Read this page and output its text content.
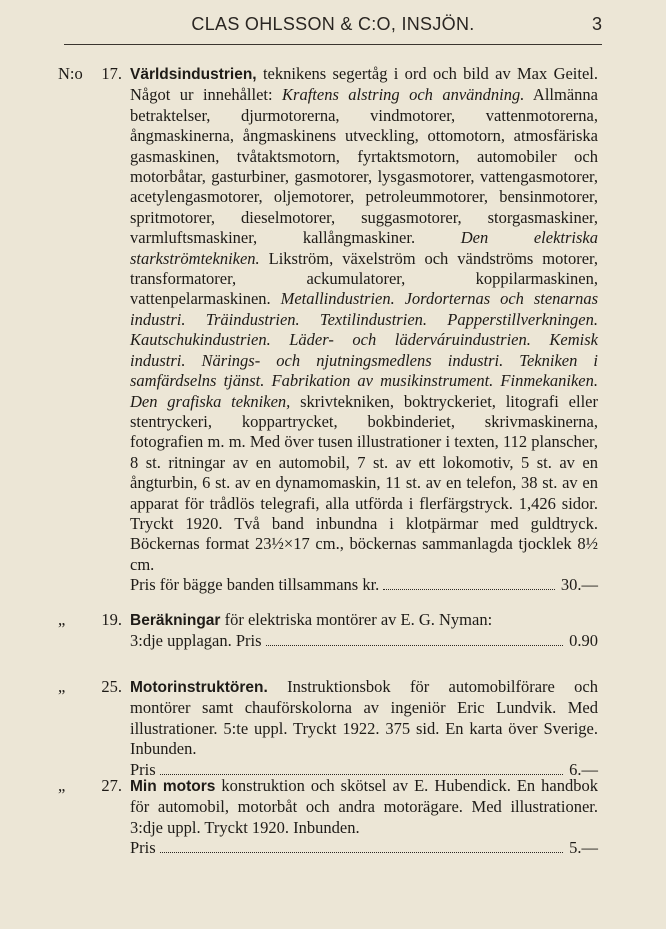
CLAS OHLSSON & C:O, INSJÖN.	3
N:o 17. Världsindustrien, teknikens segertåg i ord och bild av Max Geitel. Något ur innehållet: Kraftens alstring och användning. Allmänna betraktelser, djurmotorerna, vindmotorer, vattenmotorerna, ångmaskinerna, ångmaskinens utveckling, ottomotorn, atmosfäriska gasmaskinen, tvåtaktsmotorn, fyrtaktsmotorn, automobiler och motorbåtar, gasturbiner, gasmotorer, lysgasmotorer, vattengasmotorer, acetylengasmotorer, oljemotorer, petroleummotorer, bensinmotorer, spritmotorer, dieselmotorer, suggasmotorer, storgasmaskiner, varmluftsmaskiner, kallångmaskiner. Den elektriska starkströmtekniken. Likström, växelström och vändströms motorer, transformatorer, ackumulatorer, koppilarmaskinen, vattenpelarmaskinen. Metallindustrien. Jordorternas och stenarnas industri. Träindustrien. Textilindustrien. Papperstillverkningen. Kautschukindustrien. Läder- och läderváruindustrien. Kemisk industri. Närings- och njutningsmedlens industri. Tekniken i samfärdselns tjänst. Fabrikation av musikinstrument. Finmekaniken. Den grafiska tekniken, skrivtekniken, boktryckeriet, litografi eller stentryckeri, koppartrycket, bokbinderiet, skrivmaskinerna, fotografien m. m. Med över tusen illustrationer i texten, 112 planscher, 8 st. ritningar av en automobil, 7 st. av ett lokomotiv, 5 st. av en ångturbin, 6 st. av en dynamomaskin, 11 st. av en telefon, 38 st. av en apparat för trådlös telegrafi, alla utförda i flerfärgstryck. 1,426 sidor. Tryckt 1920. Två band inbundna i klotpärmar med guldtryck. Böckernas format 23½×17 cm., böckernas sammanlagda tjocklek 8½ cm.
Pris för bägge banden tillsammans kr.	30.—
„ 19. Beräkningar för elektriska montörer av E. G. Nyman:
3:dje upplagan. Pris	0.90
„ 25. Motorinstruktören. Instruktionsbok för automobilförare och montörer samt chauförskolorna av ingeniör Eric Lundvik. Med illustrationer. 5:te uppl. Tryckt 1922. 375 sid. En karta över Sverige. Inbunden.
Pris	6.—
„ 27. Min motors konstruktion och skötsel av E. Hubendick. En handbok för automobil, motorbåt och andra motorägare. Med illustrationer. 3:dje uppl. Tryckt 1920. Inbunden.
Pris	5.—
